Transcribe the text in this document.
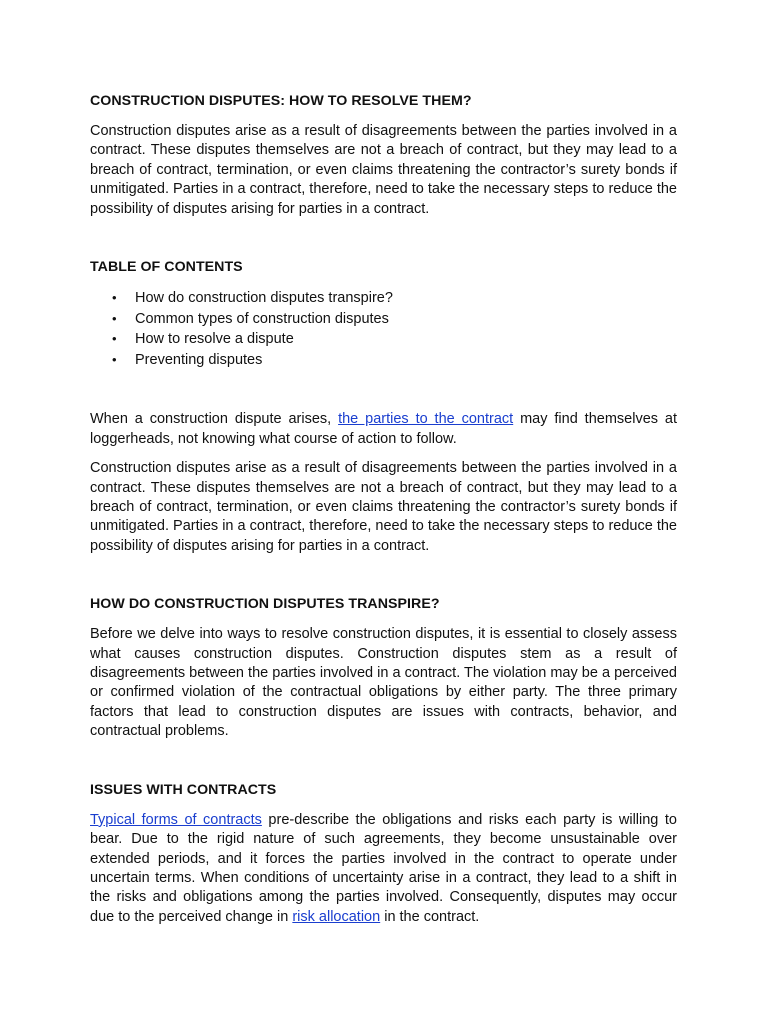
CONSTRUCTION DISPUTES: HOW TO RESOLVE THEM?

Construction disputes arise as a result of disagreements between the parties involved in a contract. These disputes themselves are not a breach of contract, but they may lead to a breach of contract, termination, or even claims threatening the contractor’s surety bonds if unmitigated. Parties in a contract, therefore, need to take the necessary steps to reduce the possibility of disputes arising for parties in a contract.

TABLE OF CONTENTS
• How do construction disputes transpire?
• Common types of construction disputes
• How to resolve a dispute
• Preventing disputes

When a construction dispute arises, the parties to the contract may find themselves at loggerheads, not knowing what course of action to follow.

Construction disputes arise as a result of disagreements between the parties involved in a contract. These disputes themselves are not a breach of contract, but they may lead to a breach of contract, termination, or even claims threatening the contractor’s surety bonds if unmitigated. Parties in a contract, therefore, need to take the necessary steps to reduce the possibility of disputes arising for parties in a contract.

HOW DO CONSTRUCTION DISPUTES TRANSPIRE?

Before we delve into ways to resolve construction disputes, it is essential to closely assess what causes construction disputes. Construction disputes stem as a result of disagreements between the parties involved in a contract. The violation may be a perceived or confirmed violation of the contractual obligations by either party. The three primary factors that lead to construction disputes are issues with contracts, behavior, and contractual problems.

ISSUES WITH CONTRACTS

Typical forms of contracts pre-describe the obligations and risks each party is willing to bear. Due to the rigid nature of such agreements, they become unsustainable over extended periods, and it forces the parties involved in the contract to operate under uncertain terms. When conditions of uncertainty arise in a contract, they lead to a shift in the risks and obligations among the parties involved. Consequently, disputes may occur due to the perceived change in risk allocation in the contract.
